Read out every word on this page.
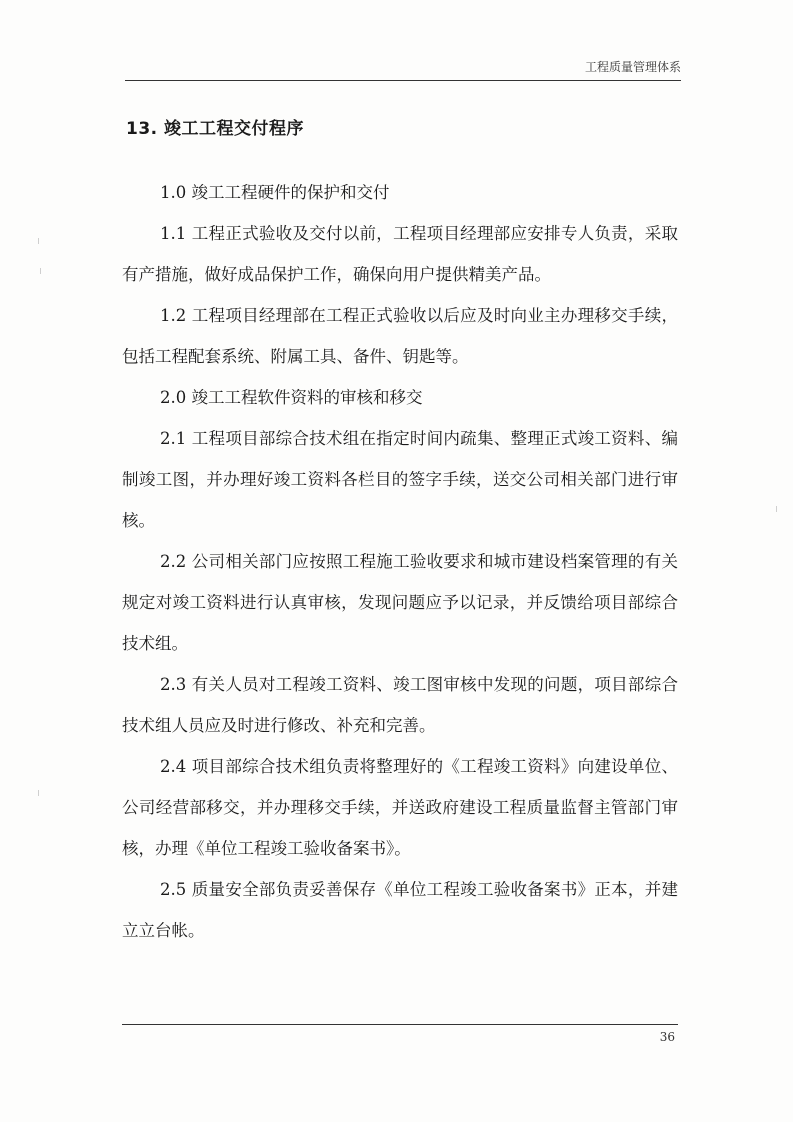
工程质量管理体系
13. 竣工工程交付程序

1.0 竣工工程硬件的保护和交付

1.1 工程正式验收及交付以前，工程项目经理部应安排专人负责，采取有产措施，做好成品保护工作，确保向用户提供精美产品。

1.2 工程项目经理部在工程正式验收以后应及时向业主办理移交手续，包括工程配套系统、附属工具、备件、钥匙等。

2.0 竣工工程软件资料的审核和移交

2.1 工程项目部综合技术组在指定时间内疏集、整理正式竣工资料、编制竣工图，并办理好竣工资料各栏目的签字手续，送交公司相关部门进行审核。

2.2 公司相关部门应按照工程施工验收要求和城市建设档案管理的有关规定对竣工资料进行认真审核，发现问题应予以记录，并反馈给项目部综合技术组。

2.3 有关人员对工程竣工资料、竣工图审核中发现的问题，项目部综合技术组人员应及时进行修改、补充和完善。

2.4 项目部综合技术组负责将整理好的《工程竣工资料》向建设单位、公司经营部移交，并办理移交手续，并送政府建设工程质量监督主管部门审核，办理《单位工程竣工验收备案书》。

2.5 质量安全部负责妥善保存《单位工程竣工验收备案书》正本，并建立立台帐。

36
